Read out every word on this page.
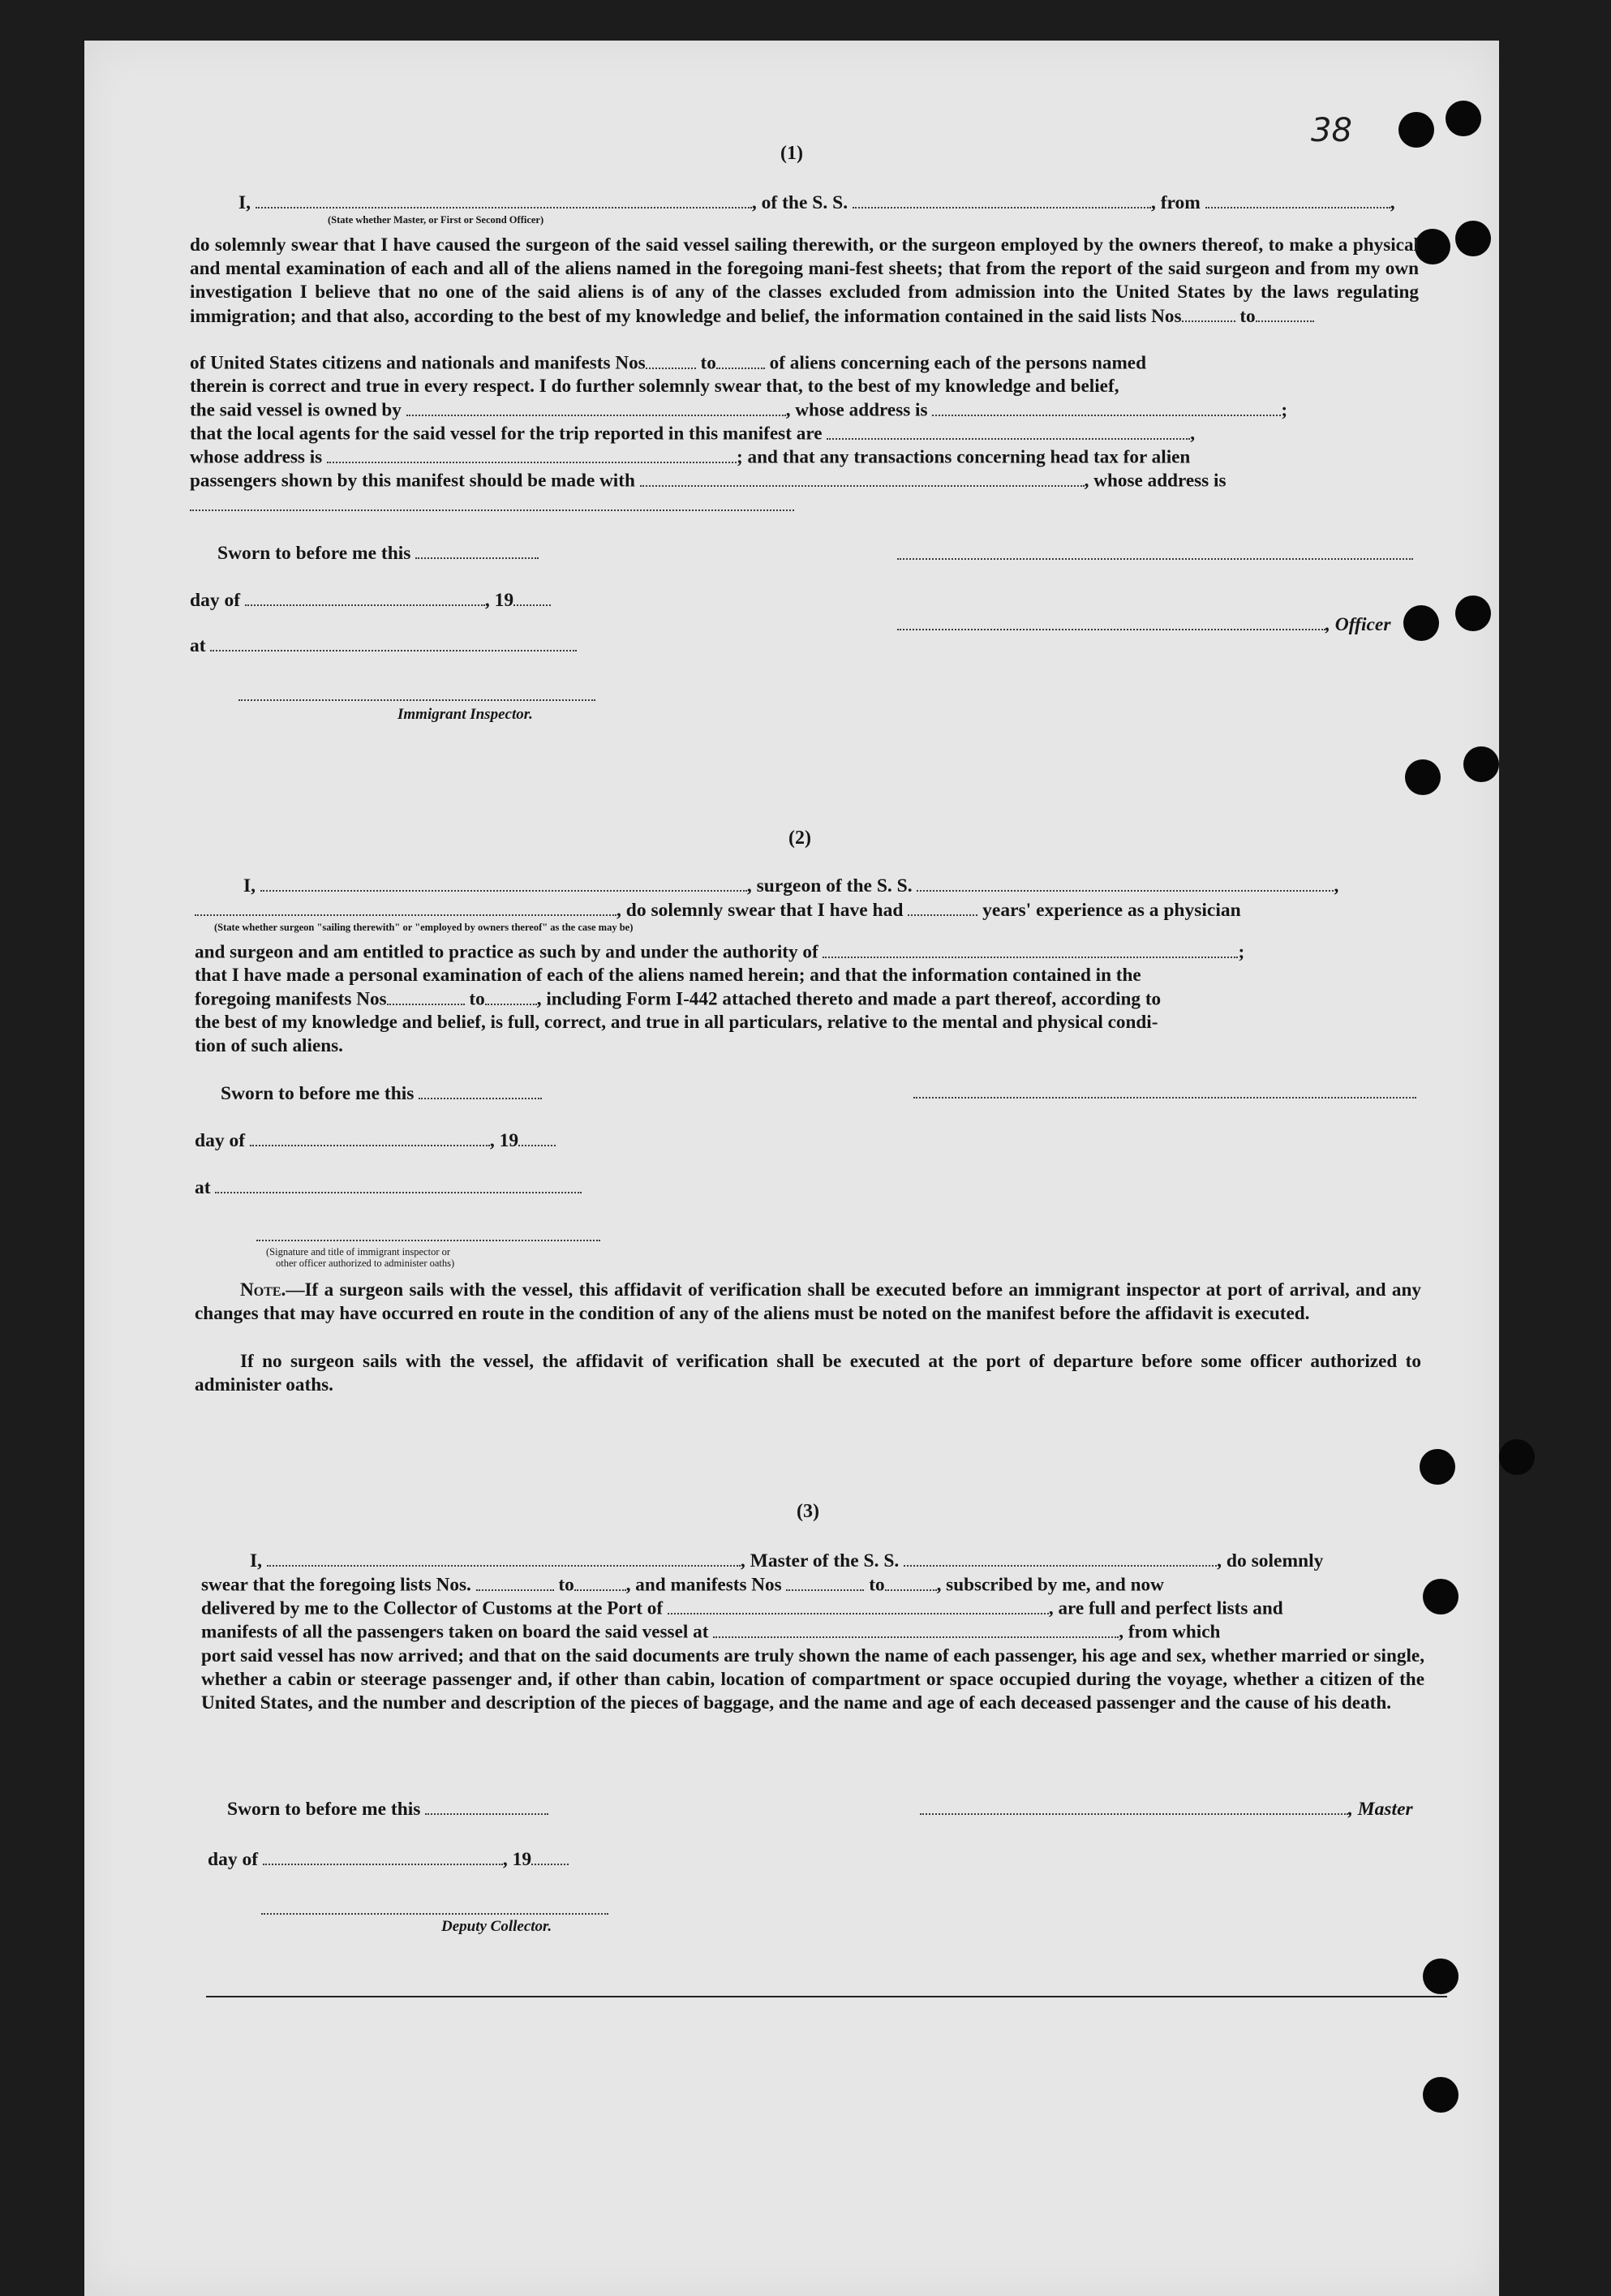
38
(1)
I,	, of the S. S.	, from	,
(State whether Master, or First or Second Officer)
do solemnly swear that I have caused the surgeon of the said vessel sailing therewith, or the surgeon employed by the owners thereof, to make a physical and mental examination of each and all of the aliens named in the foregoing mani-fest sheets; that from the report of the said surgeon and from my own investigation I believe that no one of the said aliens is of any of the classes excluded from admission into the United States by the laws regulating immigration; and that also, according to the best of my knowledge and belief, the information contained in the said lists Nos	to
of United States citizens and nationals and manifests Nos	to	of aliens concerning each of the persons named
therein is correct and true in every respect. I do further solemnly swear that, to the best of my knowledge and belief,
the said vessel is owned by	, whose address is	;
that the local agents for the said vessel for the trip reported in this manifest are	,
whose address is	; and that any transactions concerning head tax for alien
passengers shown by this manifest should be made with	, whose address is
Sworn to before me this
day of	, 19
, Officer
at
Immigrant Inspector.
(2)
I,	, surgeon of the S. S.	,
, do solemnly swear that I have had	years' experience as a physician
(State whether surgeon "sailing therewith" or "employed by owners thereof" as the case may be)
and surgeon and am entitled to practice as such by and under the authority of	;
that I have made a personal examination of each of the aliens named herein; and that the information contained in the
foregoing manifests Nos	to	, including Form I-442 attached thereto and made a part thereof, according to
the best of my knowledge and belief, is full, correct, and true in all particulars, relative to the mental and physical condi-
tion of such aliens.
Sworn to before me this
day of	, 19
at
(Signature and title of immigrant inspector or
other officer authorized to administer oaths)
Note.—If a surgeon sails with the vessel, this affidavit of verification shall be executed before an immigrant inspector at port of arrival, and any changes that may have occurred en route in the condition of any of the aliens must be noted on the manifest before the affidavit is executed.
If no surgeon sails with the vessel, the affidavit of verification shall be executed at the port of departure before some officer authorized to administer oaths.
(3)
I,	, Master of the S. S.	, do solemnly
swear that the foregoing lists Nos.	to	, and manifests Nos	to	, subscribed by me, and now
delivered by me to the Collector of Customs at the Port of	, are full and perfect lists and
manifests of all the passengers taken on board the said vessel at	, from which
port said vessel has now arrived; and that on the said documents are truly shown the name of each passenger, his age and sex, whether married or single, whether a cabin or steerage passenger and, if other than cabin, location of compartment or space occupied during the voyage, whether a citizen of the United States, and the number and description of the pieces of baggage, and the name and age of each deceased passenger and the cause of his death.
Sworn to before me this	, Master
day of	, 19
Deputy Collector.
